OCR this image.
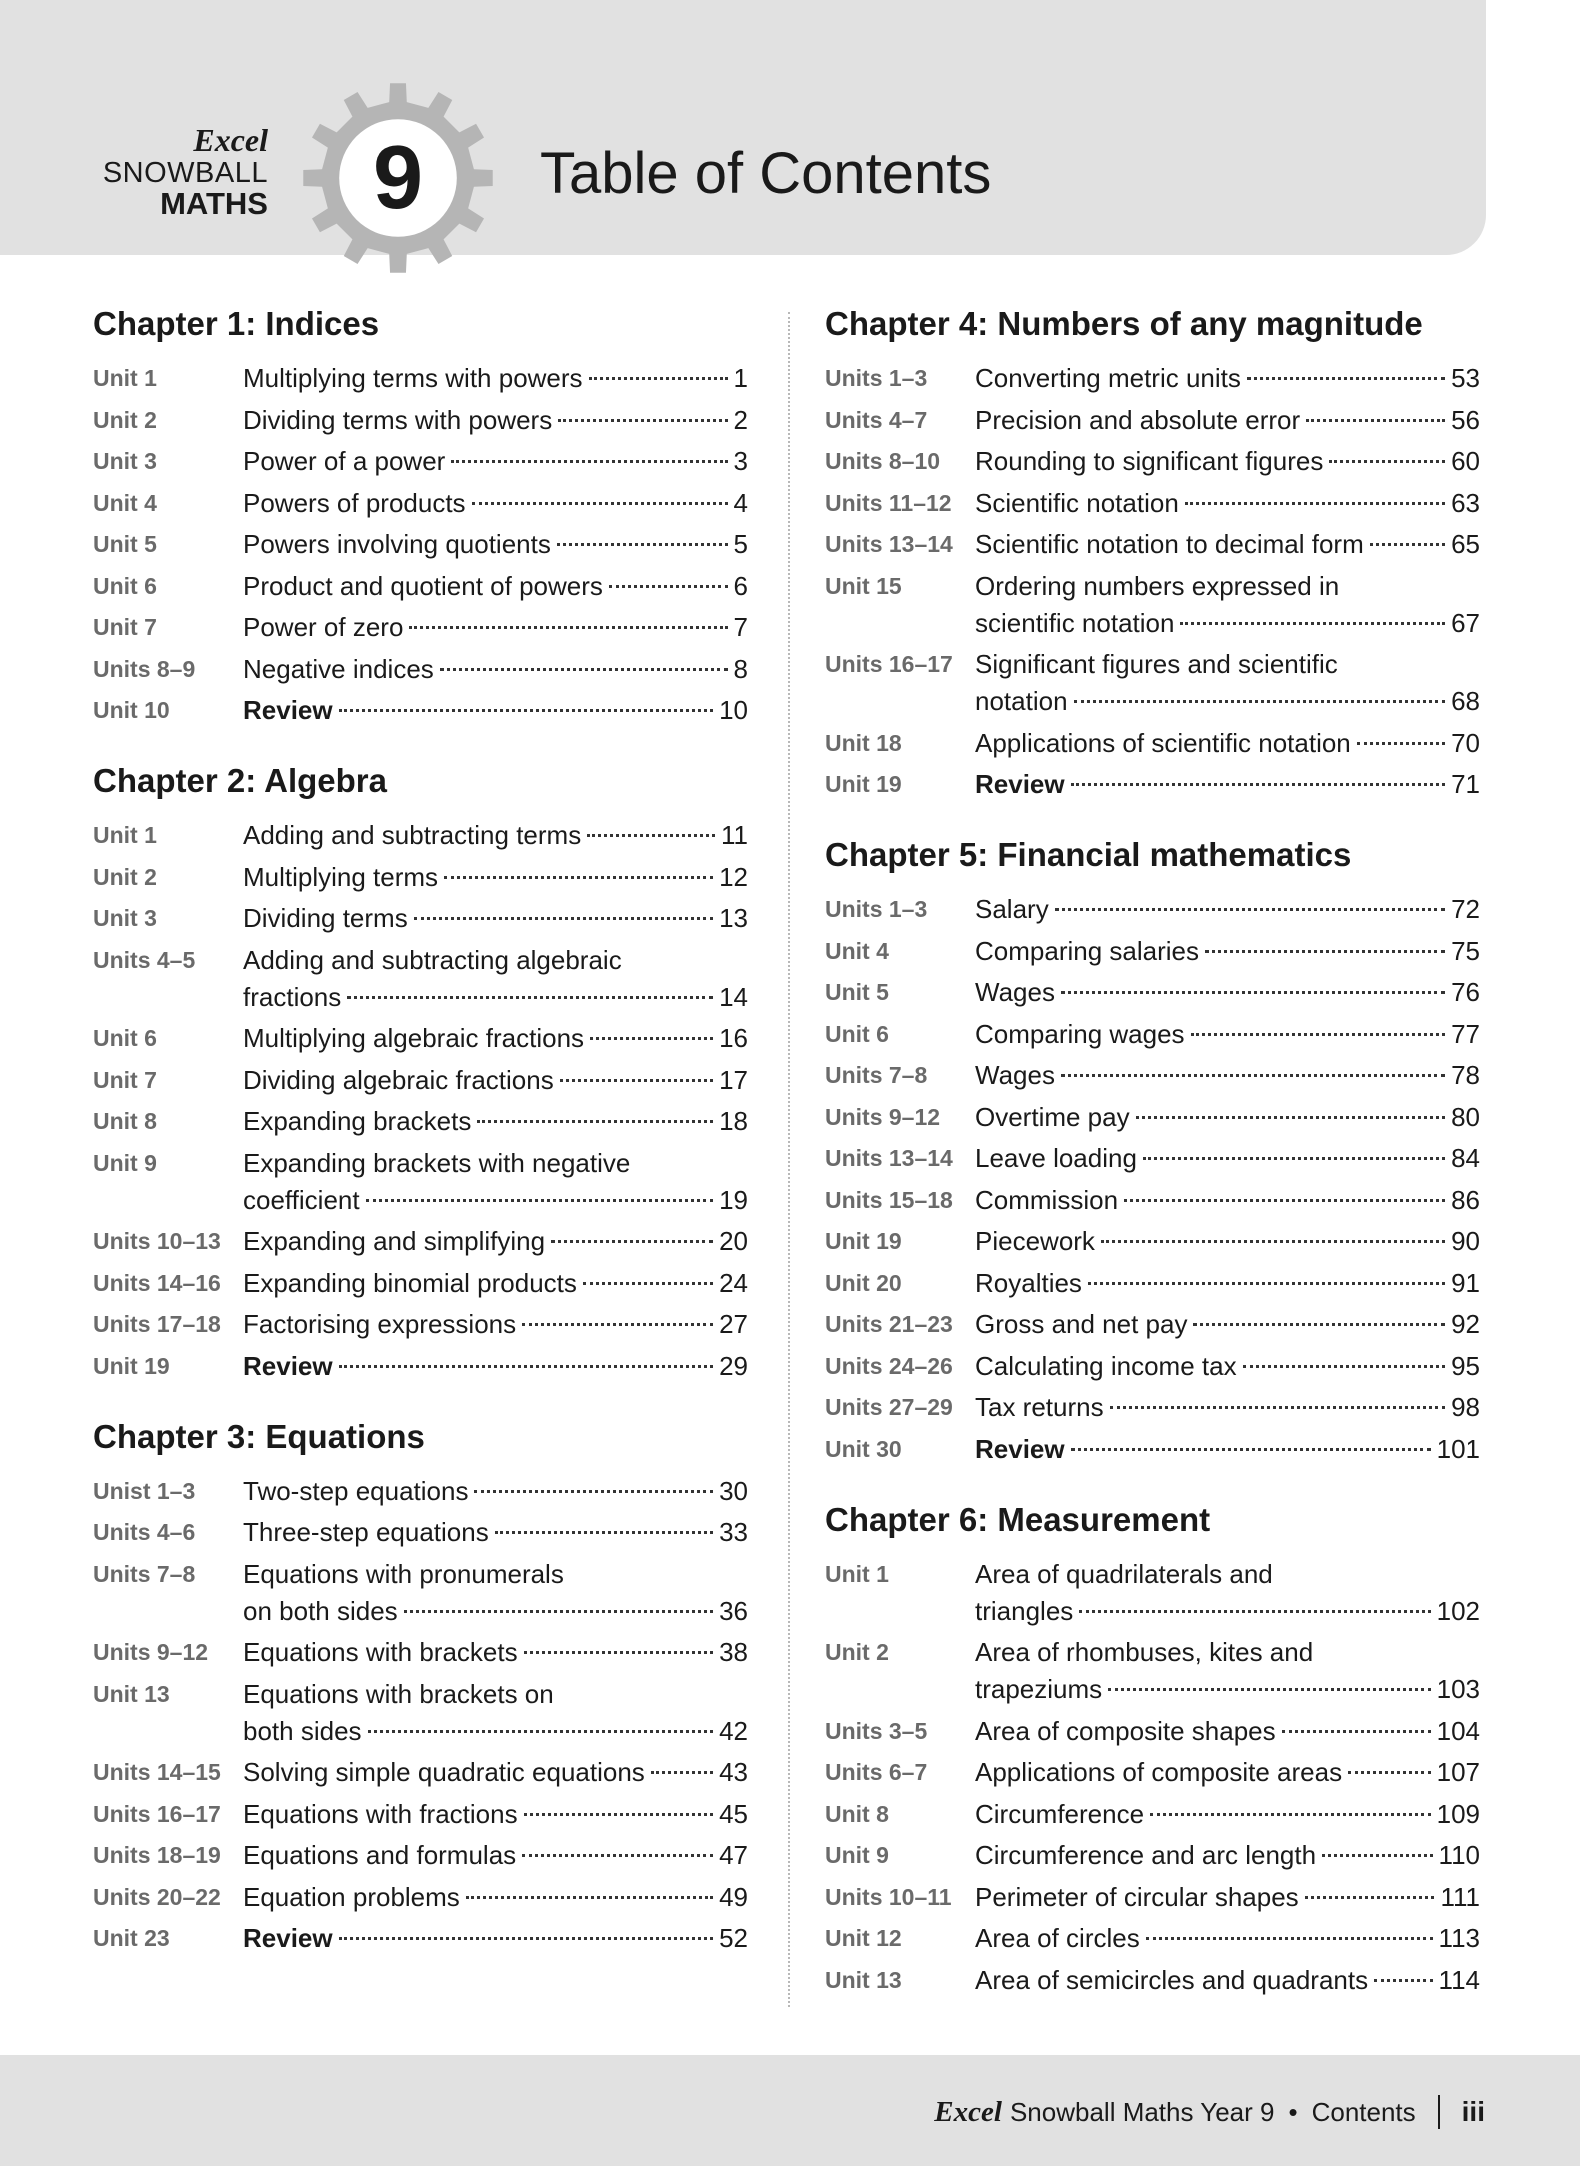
Excel
SNOWBALL
MATHS	9	Table of Contents
Chapter 1: Indices
Unit 1	Multiplying terms with powers	1
Unit 2	Dividing terms with powers	2
Unit 3	Power of a power	3
Unit 4	Powers of products	4
Unit 5	Powers involving quotients	5
Unit 6	Product and quotient of powers	6
Unit 7	Power of zero	7
Units 8–9	Negative indices	8
Unit 10	Review	10
Chapter 2: Algebra
Unit 1	Adding and subtracting terms	11
Unit 2	Multiplying terms	12
Unit 3	Dividing terms	13
Units 4–5	Adding and subtracting algebraic
fractions	14
Unit 6	Multiplying algebraic fractions	16
Unit 7	Dividing algebraic fractions	17
Unit 8	Expanding brackets	18
Unit 9	Expanding brackets with negative
coefficient	19
Units 10–13 Expanding and simplifying	20
Units 14–16 Expanding binomial products	24
Units 17–18 Factorising expressions	27
Unit 19	Review	29
Chapter 3: Equations
Unist 1–3	Two-step equations	30
Units 4–6	Three-step equations	33
Units 7–8	Equations with pronumerals
on both sides	36
Units 9–12	Equations with brackets	38
Unit 13	Equations with brackets on
both sides	42
Units 14–15 Solving simple quadratic equations	43
Units 16–17 Equations with fractions	45
Units 18–19 Equations and formulas	47
Units 20–22 Equation problems	49
Unit 23	Review	52
Chapter 4: Numbers of any magnitude
Units 1–3	Converting metric units	53
Units 4–7	Precision and absolute error	56
Units 8–10	Rounding to significant figures	60
Units 11–12 Scientific notation	63
Units 13–14 Scientific notation to decimal form	65
Unit 15	Ordering numbers expressed in
scientific notation	67
Units 16–17 Significant figures and scientific
notation	68
Unit 18	Applications of scientific notation	70
Unit 19	Review	71
Chapter 5: Financial mathematics
Units 1–3	Salary	72
Unit 4	Comparing salaries	75
Unit 5	Wages	76
Unit 6	Comparing wages	77
Units 7–8	Wages	78
Units 9–12	Overtime pay	80
Units 13–14 Leave loading	84
Units 15–18 Commission	86
Unit 19	Piecework	90
Unit 20	Royalties	91
Units 21–23 Gross and net pay	92
Units 24–26 Calculating income tax	95
Units 27–29 Tax returns	98
Unit 30	Review	101
Chapter 6: Measurement
Unit 1	Area of quadrilaterals and
triangles	102
Unit 2	Area of rhombuses, kites and
trapeziums	103
Units 3–5	Area of composite shapes	104
Units 6–7	Applications of composite areas	107
Unit 8	Circumference	109
Unit 9	Circumference and arc length	110
Units 10–11 Perimeter of circular shapes	111
Unit 12	Area of circles	113
Unit 13	Area of semicircles and quadrants	114
Excel Snowball Maths Year 9 • Contents iii
